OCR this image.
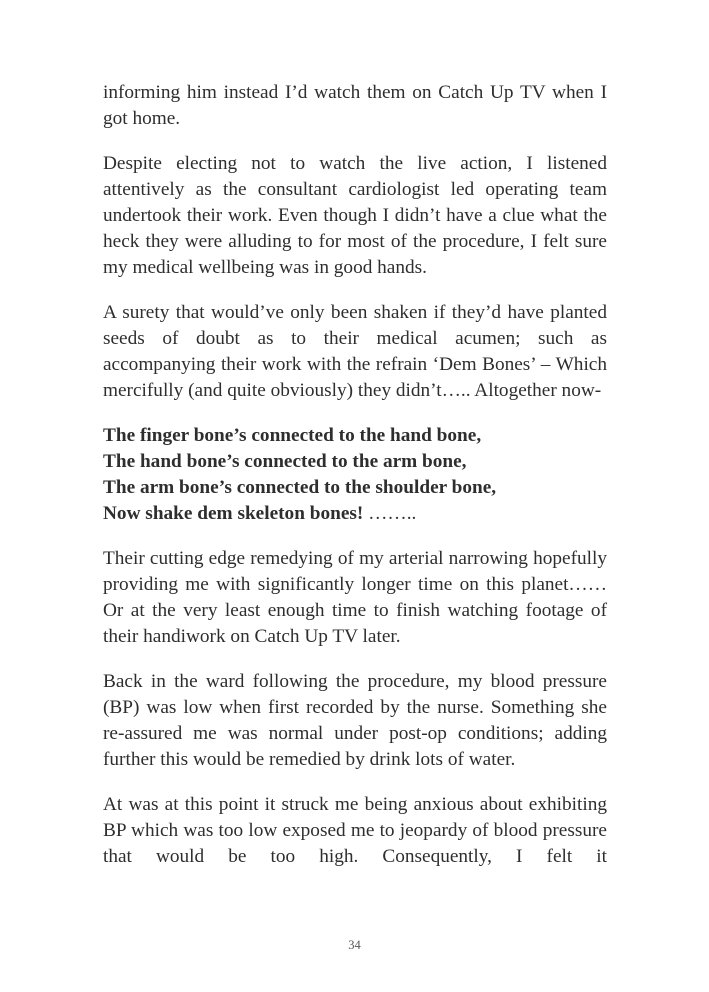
informing him instead I’d watch them on Catch Up TV when I got home.

Despite electing not to watch the live action, I listened attentively as the consultant cardiologist led operating team undertook their work. Even though I didn’t have a clue what the heck they were alluding to for most of the procedure, I felt sure my medical wellbeing was in good hands.

A surety that would’ve only been shaken if they’d have planted seeds of doubt as to their medical acumen; such as accompanying their work with the refrain ‘Dem Bones’ – Which mercifully (and quite obviously) they didn’t….. Altogether now-

The finger bone’s connected to the hand bone,
The hand bone’s connected to the arm bone,
The arm bone’s connected to the shoulder bone,
Now shake dem skeleton bones! ……..

Their cutting edge remedying of my arterial narrowing hopefully providing me with significantly longer time on this planet…… Or at the very least enough time to finish watching footage of their handiwork on Catch Up TV later.

Back in the ward following the procedure, my blood pressure (BP) was low when first recorded by the nurse. Something she re-assured me was normal under post-op conditions; adding further this would be remedied by drink lots of water.

At was at this point it struck me being anxious about exhibiting BP which was too low exposed me to jeopardy of blood pressure that would be too high. Consequently, I felt it

34
